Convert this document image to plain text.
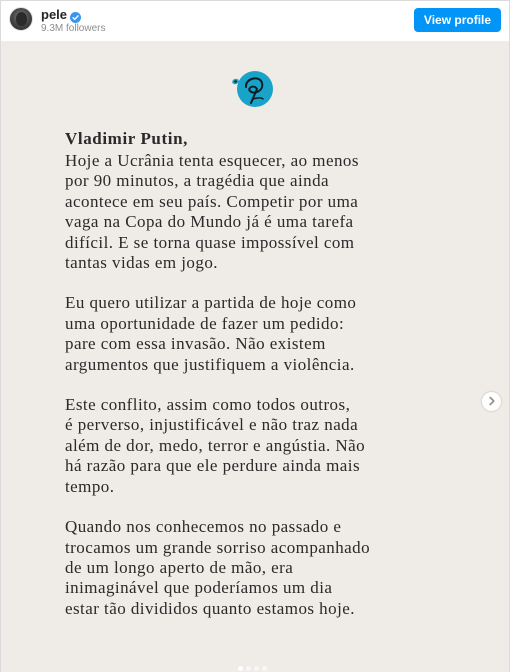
pele
9.3M followers
View profile
Vladimir Putin,
Hoje a Ucrânia tenta esquecer, ao menos
por 90 minutos, a tragédia que ainda
acontece em seu país. Competir por uma
vaga na Copa do Mundo já é uma tarefa
difícil. E se torna quase impossível com
tantas vidas em jogo.
Eu quero utilizar a partida de hoje como
uma oportunidade de fazer um pedido:
pare com essa invasão. Não existem
argumentos que justifiquem a violência.
Este conflito, assim como todos outros,
é perverso, injustificável e não traz nada
além de dor, medo, terror e angústia. Não
há razão para que ele perdure ainda mais
tempo.
Quando nos conhecemos no passado e
trocamos um grande sorriso acompanhado
de um longo aperto de mão, era
inimaginável que poderíamos um dia
estar tão divididos quanto estamos hoje.
